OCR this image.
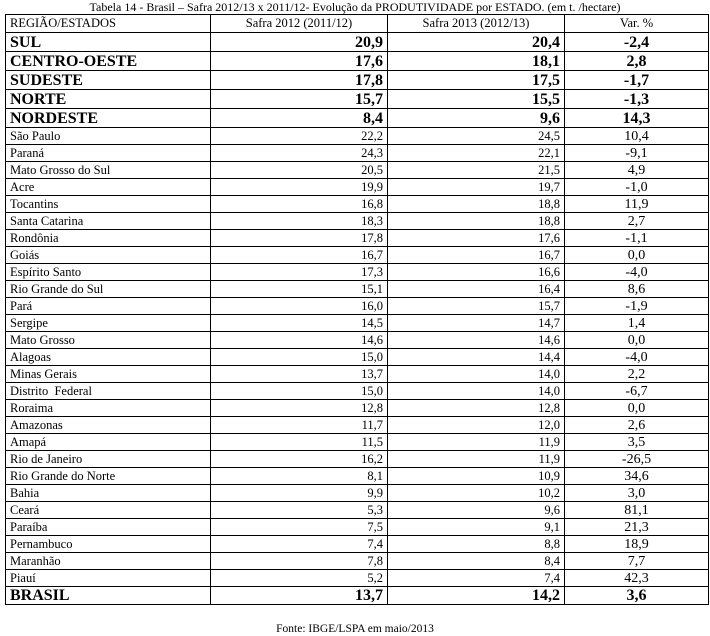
Tabela 14 - Brasil – Safra 2012/13 x 2011/12- Evolução da PRODUTIVIDADE por ESTADO. (em t. /hectare)
REGIÃO/ESTADOS	Safra 2012 (2011/12)	Safra 2013 (2012/13)	Var. %
SUL	20,9	20,4	-2,4
CENTRO-OESTE	17,6	18,1	2,8
SUDESTE	17,8	17,5	-1,7
NORTE	15,7	15,5	-1,3
NORDESTE	8,4	9,6	14,3
São Paulo	22,2	24,5	10,4
Paraná	24,3	22,1	-9,1
Mato Grosso do Sul	20,5	21,5	4,9
Acre	19,9	19,7	-1,0
Tocantins	16,8	18,8	11,9
Santa Catarina	18,3	18,8	2,7
Rondônia	17,8	17,6	-1,1
Goiás	16,7	16,7	0,0
Espírito Santo	17,3	16,6	-4,0
Rio Grande do Sul	15,1	16,4	8,6
Pará	16,0	15,7	-1,9
Sergipe	14,5	14,7	1,4
Mato Grosso	14,6	14,6	0,0
Alagoas	15,0	14,4	-4,0
Minas Gerais	13,7	14,0	2,2
Distrito  Federal	15,0	14,0	-6,7
Roraima	12,8	12,8	0,0
Amazonas	11,7	12,0	2,6
Amapá	11,5	11,9	3,5
Rio de Janeiro	16,2	11,9	-26,5
Rio Grande do Norte	8,1	10,9	34,6
Bahia	9,9	10,2	3,0
Ceará	5,3	9,6	81,1
Paraíba	7,5	9,1	21,3
Pernambuco	7,4	8,8	18,9
Maranhão	7,8	8,4	7,7
Piauí	5,2	7,4	42,3
BRASIL	13,7	14,2	3,6
Fonte: IBGE/LSPA em maio/2013
